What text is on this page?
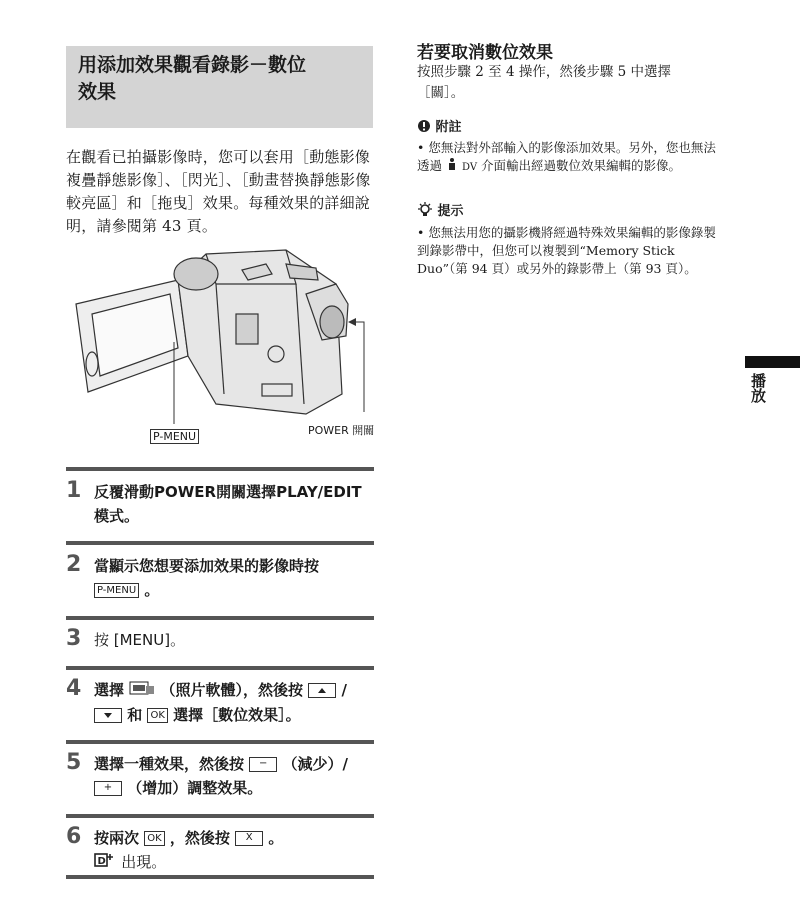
用添加效果觀看錄影－數位
效果
在觀看已拍攝影像時，您可以套用［動態影像複疊靜態影像］、［閃光］、［動畫替換靜態影像較亮區］和［拖曳］效果。每種效果的詳細說明，請參閱第 43 頁。
P-MENU	POWER 開關
1 反覆滑動POWER開關選擇PLAY/EDIT模式。
2 當顯示您想要添加效果的影像時按
P-MENU 。
3 按 [MENU]。
4 選擇 （照片軟體），然後按	/
和 OK 選擇［數位效果］。
5 選擇一種效果，然後按 − （減少）/
+ （增加）調整效果。
6 按兩次 OK ，然後按 X 。

D 出現。
若要取消數位效果
按照步驟 2 至 4 操作，然後步驟 5 中選擇［關］。
附註
• 您無法對外部輸入的影像添加效果。另外，您也無法透過 DV 介面輸出經過數位效果編輯的影像。
提示
• 您無法用您的攝影機將經過特殊效果編輯的影像錄製到錄影帶中，但您可以複製到“Memory Stick Duo”（第 94 頁）或另外的錄影帶上（第 93 頁）。
播放
